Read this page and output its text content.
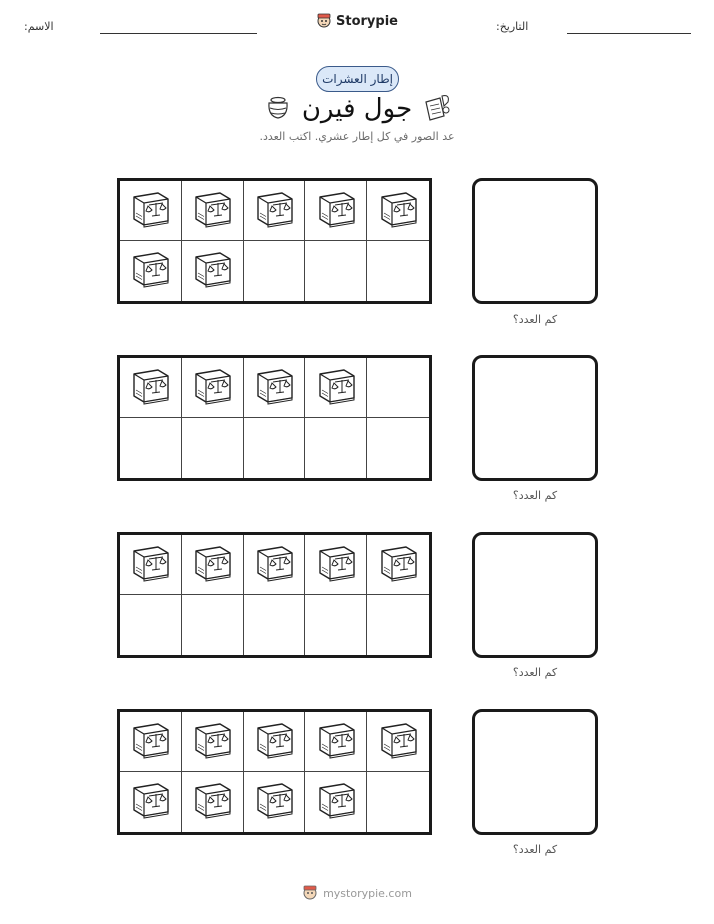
الاسم:	Storypie	التاريخ:
إطار العشرات
جول فيرن
عد الصور في كل إطار عشري. اكتب العدد.
كم العدد؟
كم العدد؟
كم العدد؟
كم العدد؟
mystorypie.com
